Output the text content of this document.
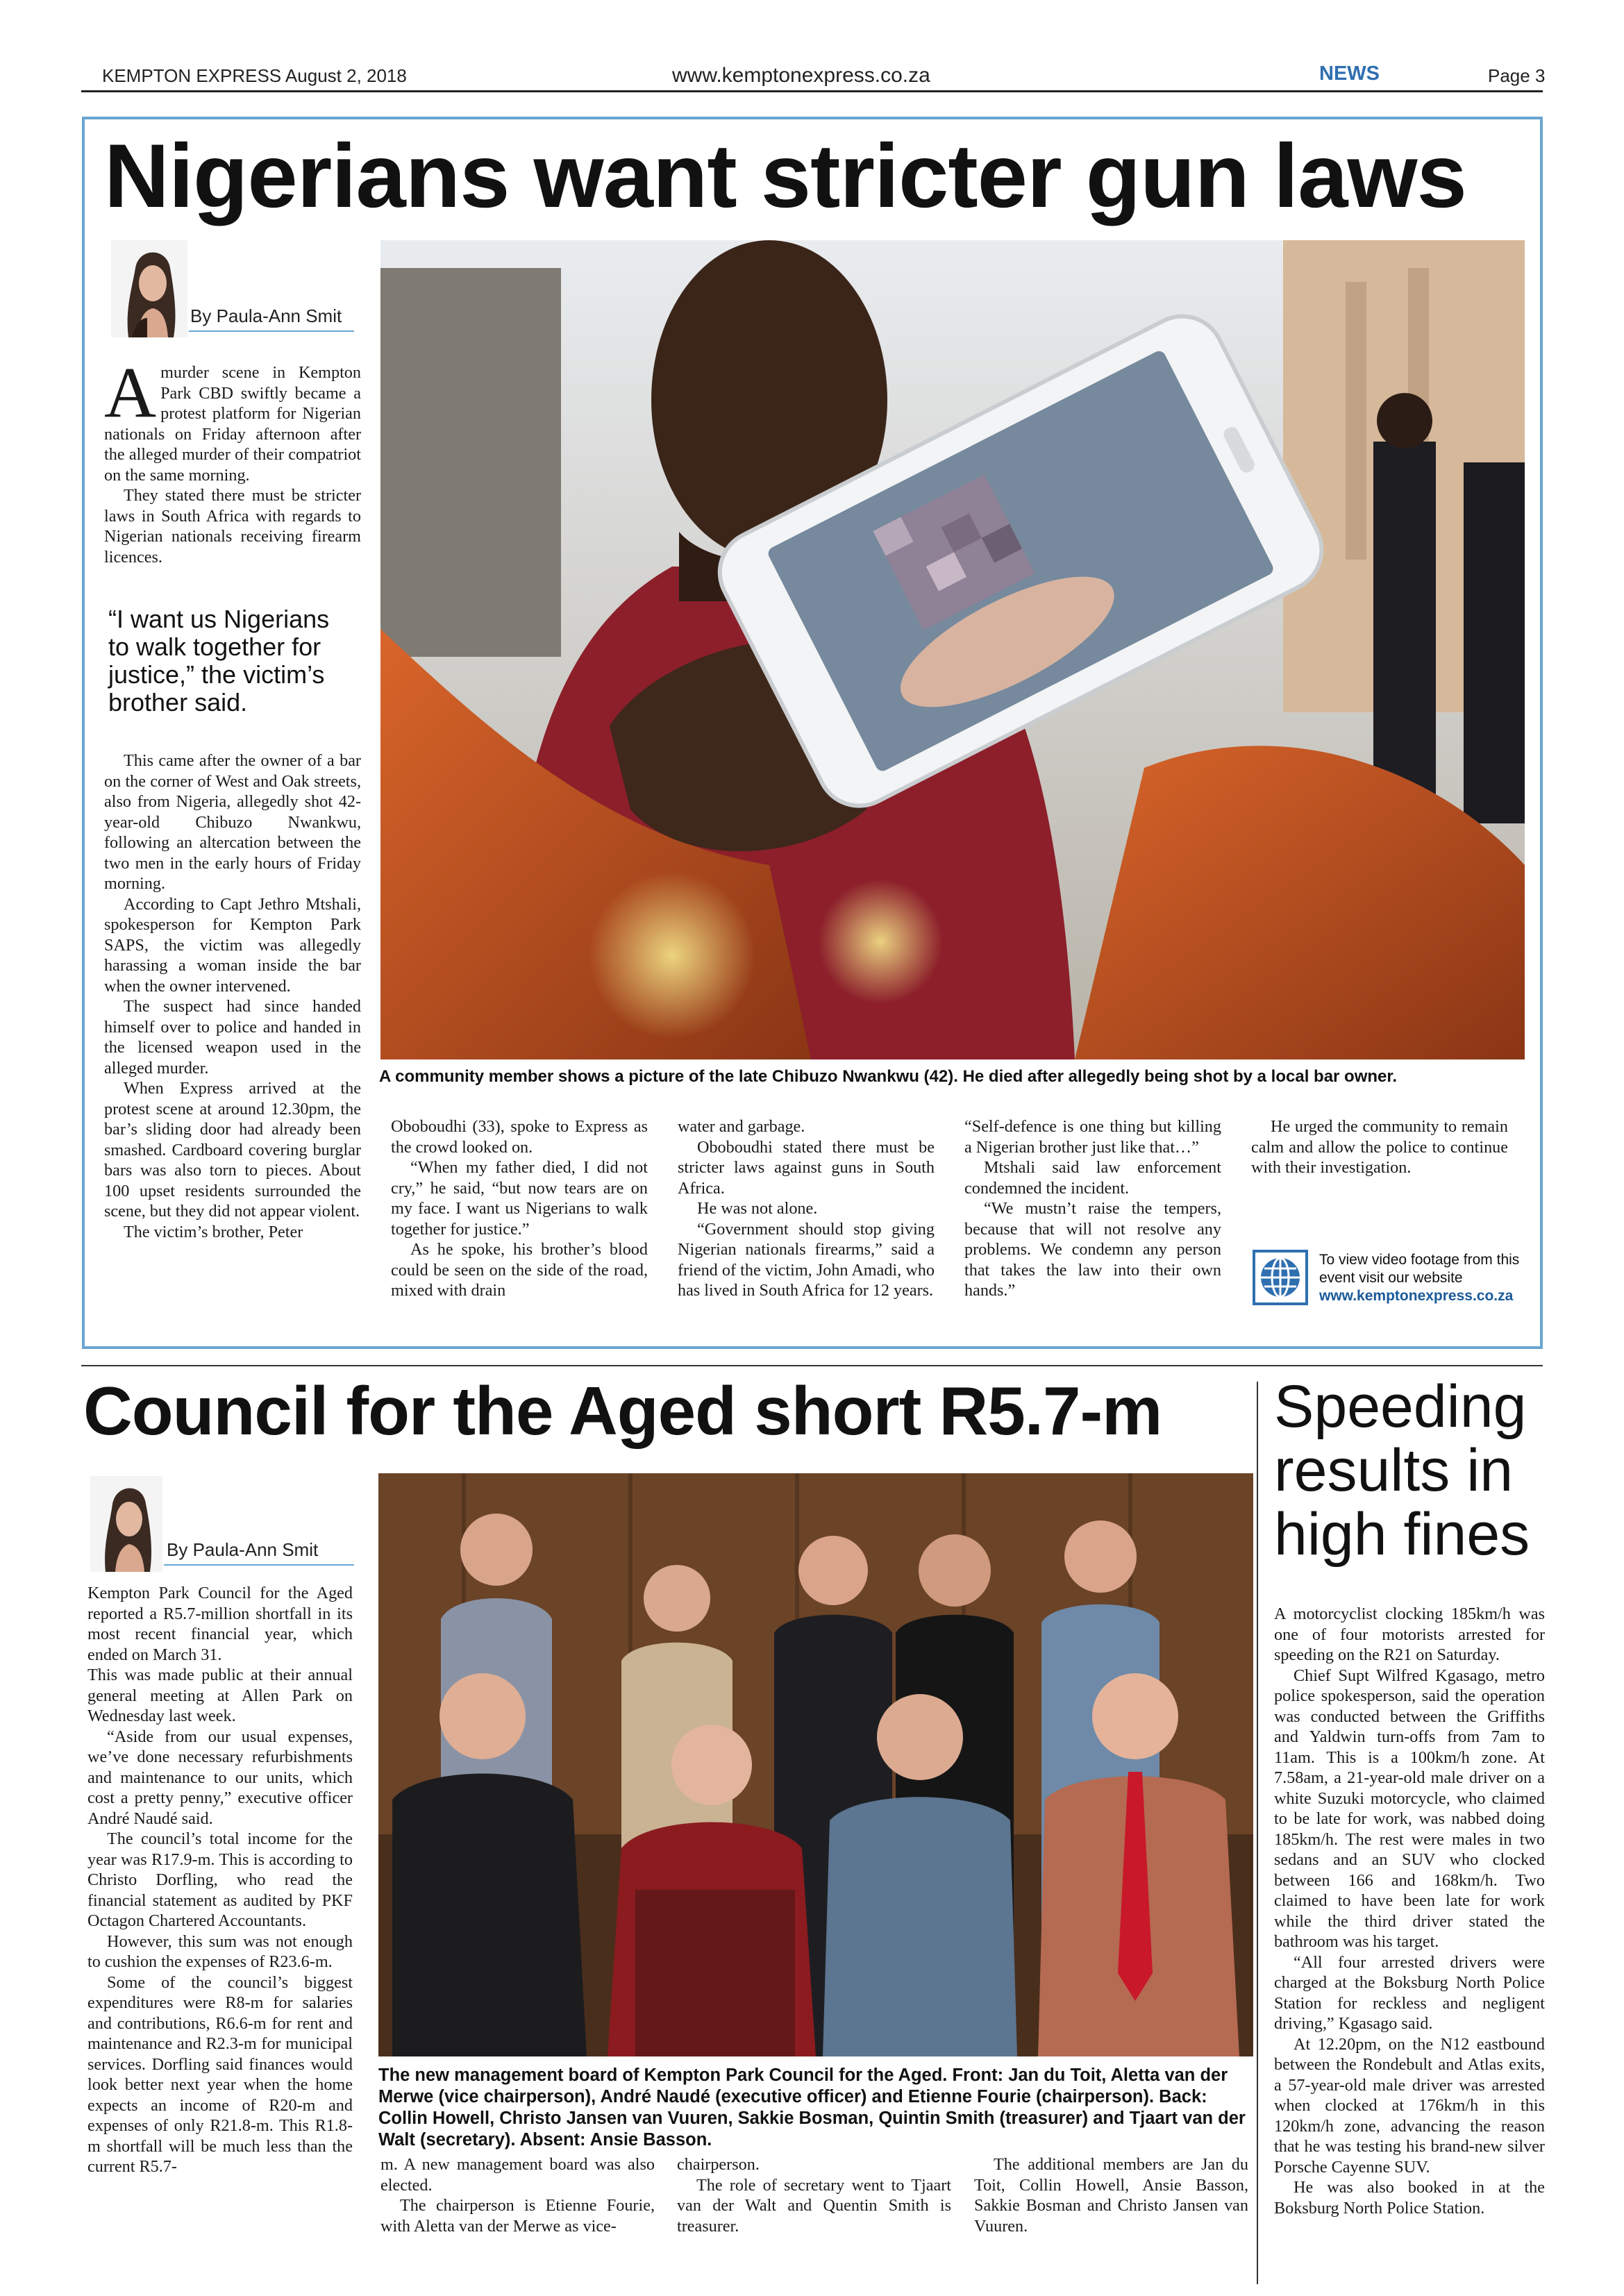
KEMPTON EXPRESS August 2, 2018	www.kemptonexpress.co.za	NEWS	Page 3
Nigerians want stricter gun laws
By Paula-Ann Smit

Amurder scene in Kempton Park CBD swiftly became a protest platform for Nigerian nationals on Friday afternoon after the alleged murder of their compatriot on the same morning.

They stated there must be stricter laws in South Africa with regards to Nigerian nationals receiving firearm licences.

“I want us Nigerians to walk together for justice,” the victim’s brother said.

This came after the owner of a bar on the corner of West and Oak streets, also from Nigeria, allegedly shot 42-year-old Chibuzo Nwankwu, following an altercation between the two men in the early hours of Friday morning.

According to Capt Jethro Mtshali, spokesperson for Kempton Park SAPS, the victim was allegedly harassing a woman inside the bar when the owner intervened.

The suspect had since handed himself over to police and handed in the licensed weapon used in the alleged murder.

When Express arrived at the protest scene at around 12.30pm, the bar’s sliding door had already been smashed. Cardboard covering burglar bars was also torn to pieces. About 100 upset residents surrounded the scene, but they did not appear violent.

The victim’s brother, Peter

A community member shows a picture of the late Chibuzo Nwankwu (42). He died after allegedly being shot by a local bar owner.

Oboboudhi (33), spoke to Express as the crowd looked on.

“When my father died, I did not cry,” he said, “but now tears are on my face. I want us Nigerians to walk together for justice.”

As he spoke, his brother’s blood could be seen on the side of the road, mixed with drain

water and garbage.

Oboboudhi stated there must be stricter laws against guns in South Africa.

He was not alone.

“Government should stop giving Nigerian nationals firearms,” said a friend of the victim, John Amadi, who has lived in South Africa for 12 years.

“Self-defence is one thing but killing a Nigerian brother just like that…”

Mtshali said law enforcement condemned the incident.

“We mustn’t raise the tempers, because that will not resolve any problems. We condemn any person that takes the law into their own hands.”

He urged the community to remain calm and allow the police to continue with their investigation.

To view video footage from this event visit our website
www.kemptonexpress.co.za
Council for the Aged short R5.7-m
By Paula-Ann Smit

Kempton Park Council for the Aged reported a R5.7-million shortfall in its most recent financial year, which ended on March 31.

This was made public at their annual general meeting at Allen Park on Wednesday last week.

“Aside from our usual expenses, we’ve done necessary refurbishments and maintenance to our units, which cost a pretty penny,” executive officer André Naudé said.

The council’s total income for the year was R17.9-m. This is according to Christo Dorfling, who read the financial statement as audited by PKF Octagon Chartered Accountants.

However, this sum was not enough to cushion the expenses of R23.6-m.

Some of the council’s biggest expenditures were R8-m for salaries and contributions, R6.6-m for rent and maintenance and R2.3-m for municipal services. Dorfling said finances would look better next year when the home expects an income of R20-m and expenses of only R21.8-m. This R1.8-m shortfall will be much less than the current R5.7-

The new management board of Kempton Park Council for the Aged. Front: Jan du Toit, Aletta van der Merwe (vice chairperson), André Naudé (executive officer) and Etienne Fourie (chairperson). Back: Collin Howell, Christo Jansen van Vuuren, Sakkie Bosman, Quintin Smith (treasurer) and Tjaart van der Walt (secretary). Absent: Ansie Basson.

m. A new management board was also elected.

The chairperson is Etienne Fourie, with Aletta van der Merwe as vice-

chairperson.

The role of secretary went to Tjaart van der Walt and Quentin Smith is treasurer.

The additional members are Jan du Toit, Collin Howell, Ansie Basson, Sakkie Bosman and Christo Jansen van Vuuren.

Speeding results in high fines

A motorcyclist clocking 185km/h was one of four motorists arrested for speeding on the R21 on Saturday.

Chief Supt Wilfred Kgasago, metro police spokesperson, said the operation was conducted between the Griffiths and Yaldwin turn-offs from 7am to 11am. This is a 100km/h zone. At 7.58am, a 21-year-old male driver on a white Suzuki motorcycle, who claimed to be late for work, was nabbed doing 185km/h. The rest were males in two sedans and an SUV who clocked between 166 and 168km/h. Two claimed to have been late for work while the third driver stated the bathroom was his target.

“All four arrested drivers were charged at the Boksburg North Police Station for reckless and negligent driving,” Kgasago said.

At 12.20pm, on the N12 eastbound between the Rondebult and Atlas exits, a 57-year-old male driver was arrested when clocked at 176km/h in this 120km/h zone, advancing the reason that he was testing his brand-new silver Porsche Cayenne SUV.

He was also booked in at the Boksburg North Police Station.
